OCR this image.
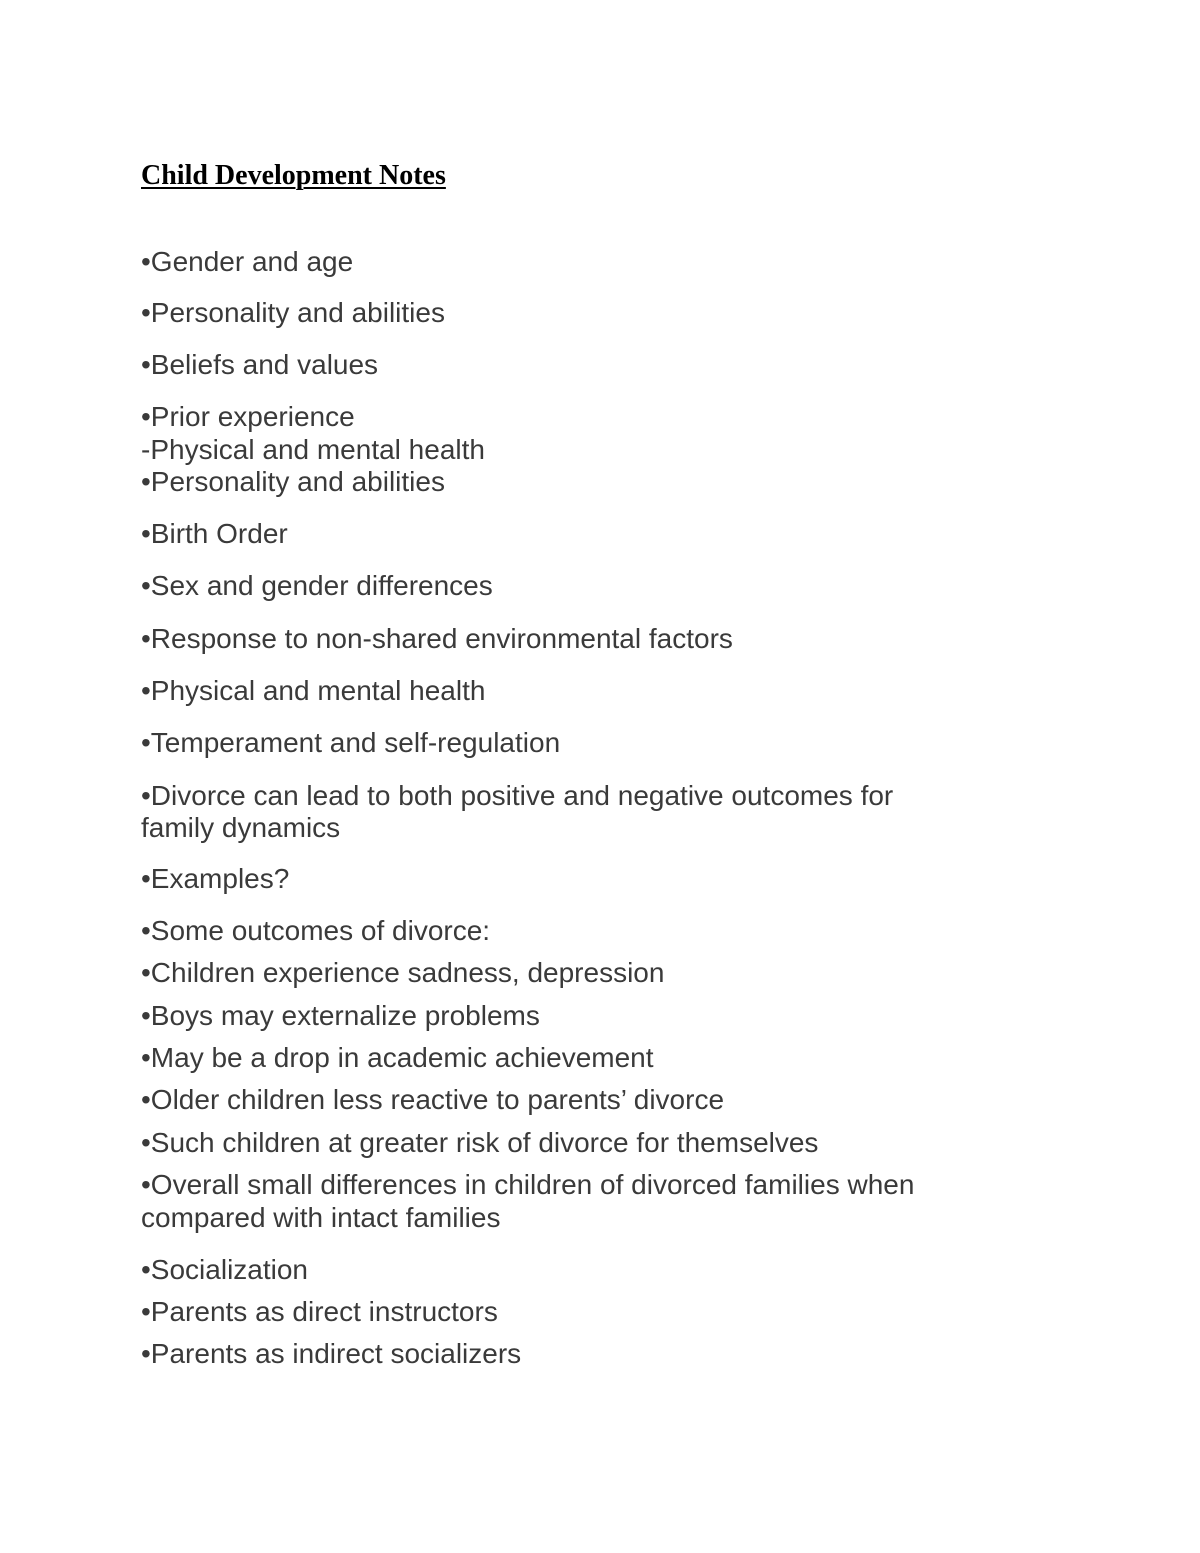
Child Development Notes

•Gender and age

•Personality and abilities

•Beliefs and values

•Prior experience

-Physical and mental health

•Personality and abilities

•Birth Order

•Sex and gender differences

•Response to non-shared environmental factors

•Physical and mental health

•Temperament and self-regulation

•Divorce can lead to both positive and negative outcomes for

family dynamics

•Examples?

•Some outcomes of divorce:

•Children experience sadness, depression

•Boys may externalize problems

•May be a drop in academic achievement

•Older children less reactive to parents’ divorce

•Such children at greater risk of divorce for themselves

•Overall small differences in children of divorced families when

compared with intact families

•Socialization

•Parents as direct instructors

•Parents as indirect socializers
